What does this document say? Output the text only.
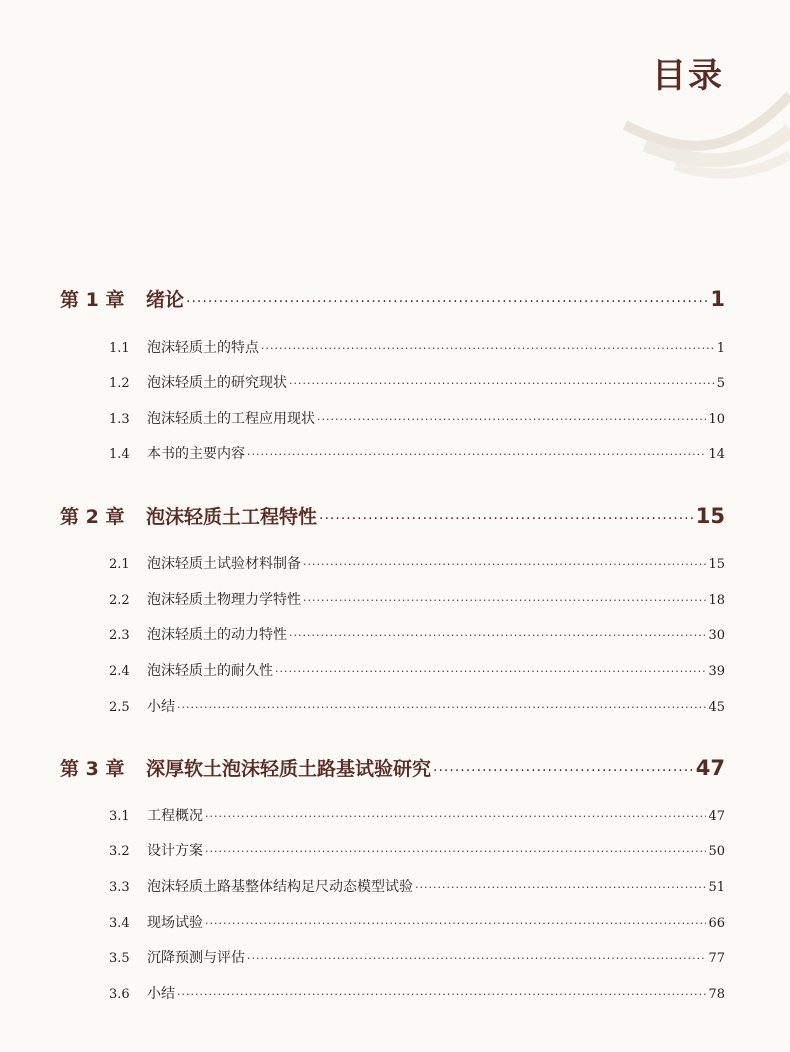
目录
第 1 章	绪论 ·····	1
1.1	泡沫轻质土的特点 ·····	1
1.2	泡沫轻质土的研究现状 ·····	5
1.3	泡沫轻质土的工程应用现状 ·····	10
1.4	本书的主要内容 ·····	14
第 2 章	泡沫轻质土工程特性 ·····	15
2.1	泡沫轻质土试验材料制备 ·····	15
2.2	泡沫轻质土物理力学特性 ·····	18
2.3	泡沫轻质土的动力特性 ·····	30
2.4	泡沫轻质土的耐久性 ·····	39
2.5	小结 ·····	45
第 3 章	深厚软土泡沫轻质土路基试验研究 ·····	47
3.1	工程概况 ·····	47
3.2	设计方案 ·····	50
3.3	泡沫轻质土路基整体结构足尺动态模型试验 ·····	51
3.4	现场试验 ·····	66
3.5	沉降预测与评估 ·····	77
3.6	小结 ·····	78
